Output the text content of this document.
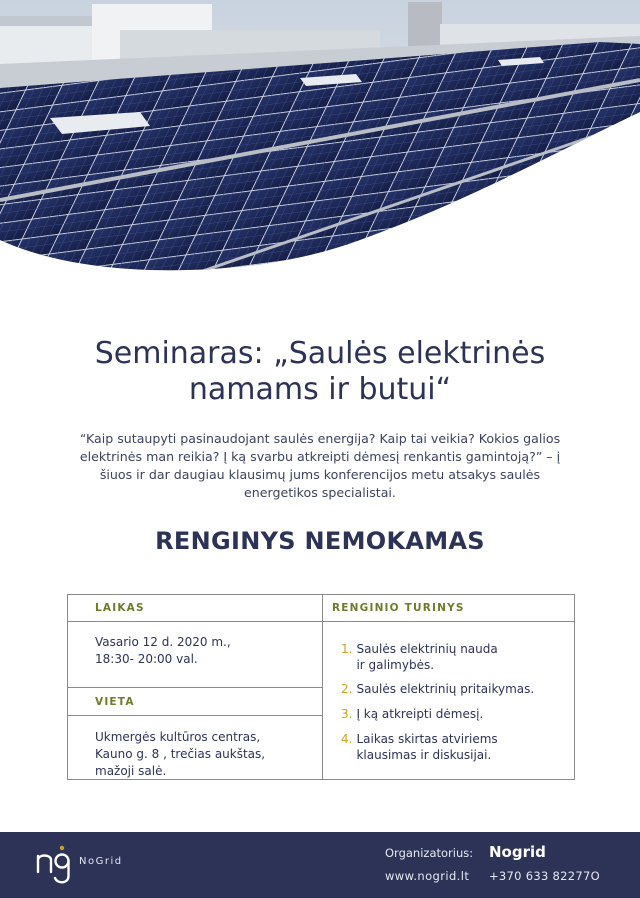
Seminaras: „Saulės elektrinės
namams ir butui“

“Kaip sutaupyti pasinaudojant saulės energija? Kaip tai veikia? Kokios galios elektrinės man reikia? Į ką svarbu atkreipti dėmesį renkantis gamintoją?” – į šiuos ir dar daugiau klausimų jums konferencijos metu atsakys saulės energetikos specialistai.

RENGINYS NEMOKAMAS
LAIKAS

Vasario 12 d. 2020 m.,
18:30- 20:00 val.

VIETA

Ukmergės kultūros centras,
Kauno g. 8 , trečias aukštas,
mažoji salė.

RENGINIO TURINYS
1. Saulės elektrinių nauda ir galimybės.
2. Saulės elektrinių pritaikymas.
3. Į ką atkreipti dėmesį.
4. Laikas skirtas atviriems klausimas ir diskusijai.
NoGrid
Organizatorius: Nogrid
www.nogrid.lt +370 633 82277O
